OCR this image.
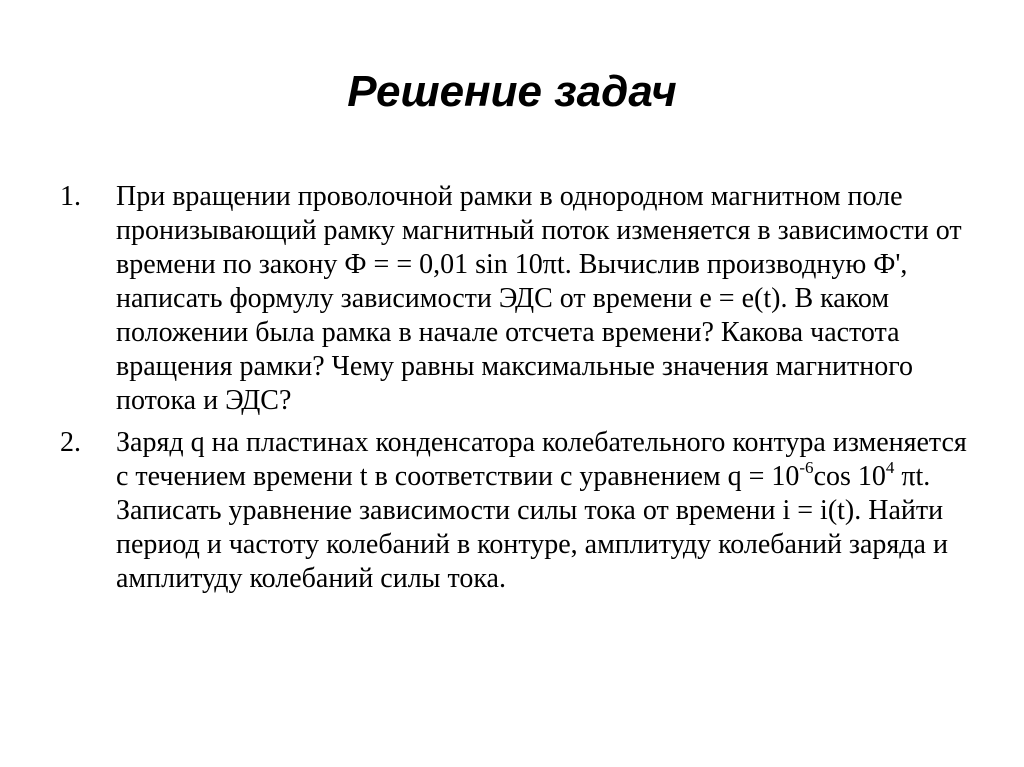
Решение задач
1. При вращении проволочной рамки в однородном магнитном поле пронизывающий рамку магнитный поток изменяется в зависимости от времени по закону Ф = = 0,01 sin 10πt. Вычислив производную Ф', написать формулу зависимости ЭДС от времени е = е(t). В каком положении была рамка в начале отсчета времени? Какова частота вращения рамки? Чему равны максимальные значения магнитного потока и ЭДС?
2. Заряд q на пластинах конденсатора колебательного контура изменяется с течением времени t в соответствии с уравнением $q = 10^{-6}\cos$ $10^4$ πt. Записать уравнение зависимости силы тока от времени i = i(t). Найти период и частоту колебаний в контуре, амплитуду колебаний заряда и амплитуду колебаний силы тока.
